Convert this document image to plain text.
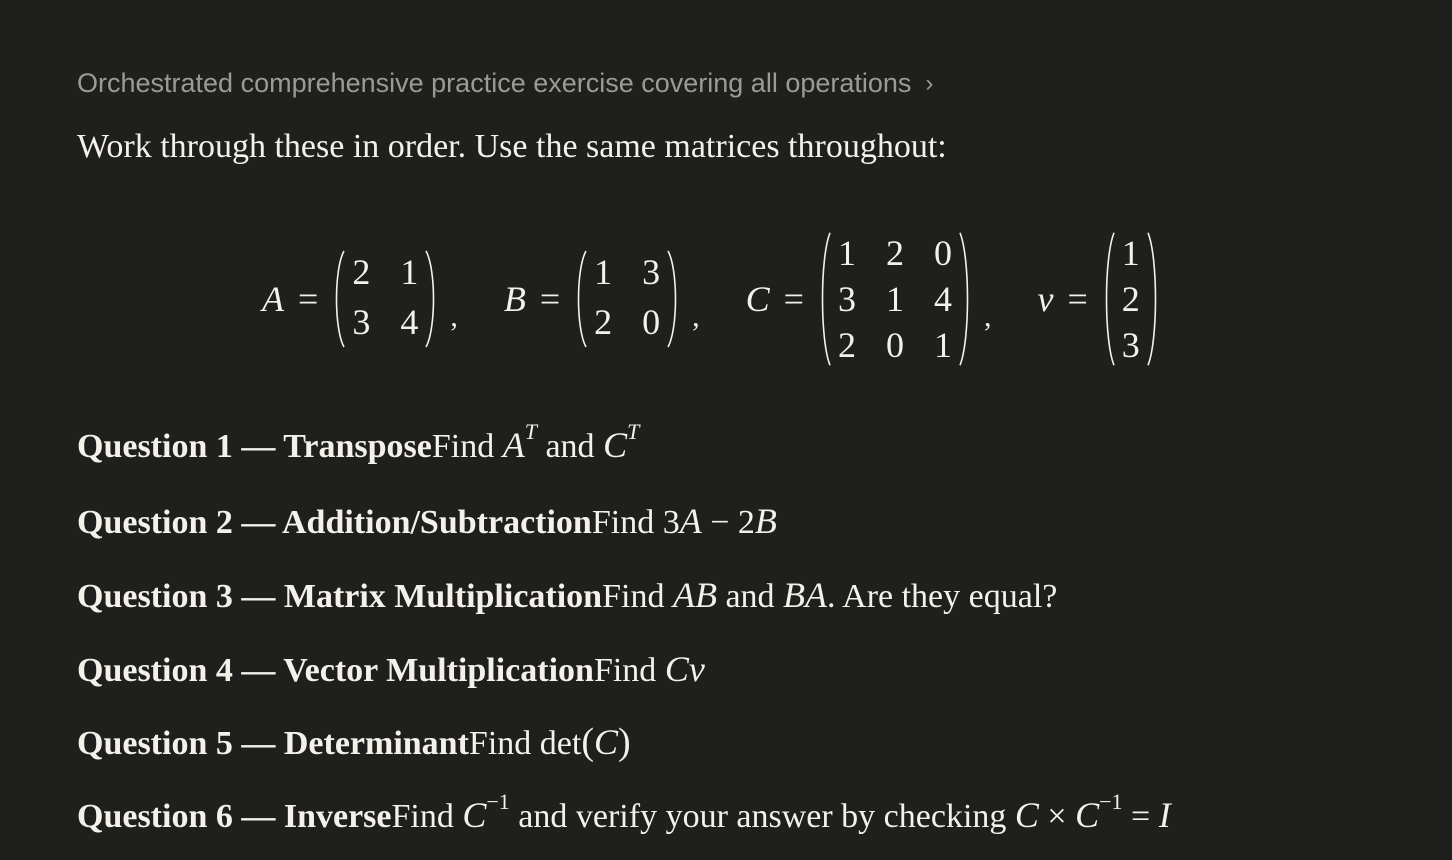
Orchestrated comprehensive practice exercise covering all operations ›
Work through these in order. Use the same matrices throughout:
A =
2 1
3 4 , B =
1 3
2 0 , C =
1 2 0
3 1 4
2 0 1
, v =
1
2
3
Question 1 — TransposeFind $A^T$ and $C^T$
Question 2 — Addition/SubtractionFind 3A − 2B
Question 3 — Matrix MultiplicationFind AB and BA. Are they equal?
Question 4 — Vector MultiplicationFind Cv
Question 5 — DeterminantFind det(C)
Question 6 — InverseFind $C^{-1}$ and verify your answer by checking $C \times C^{-1} = I$
